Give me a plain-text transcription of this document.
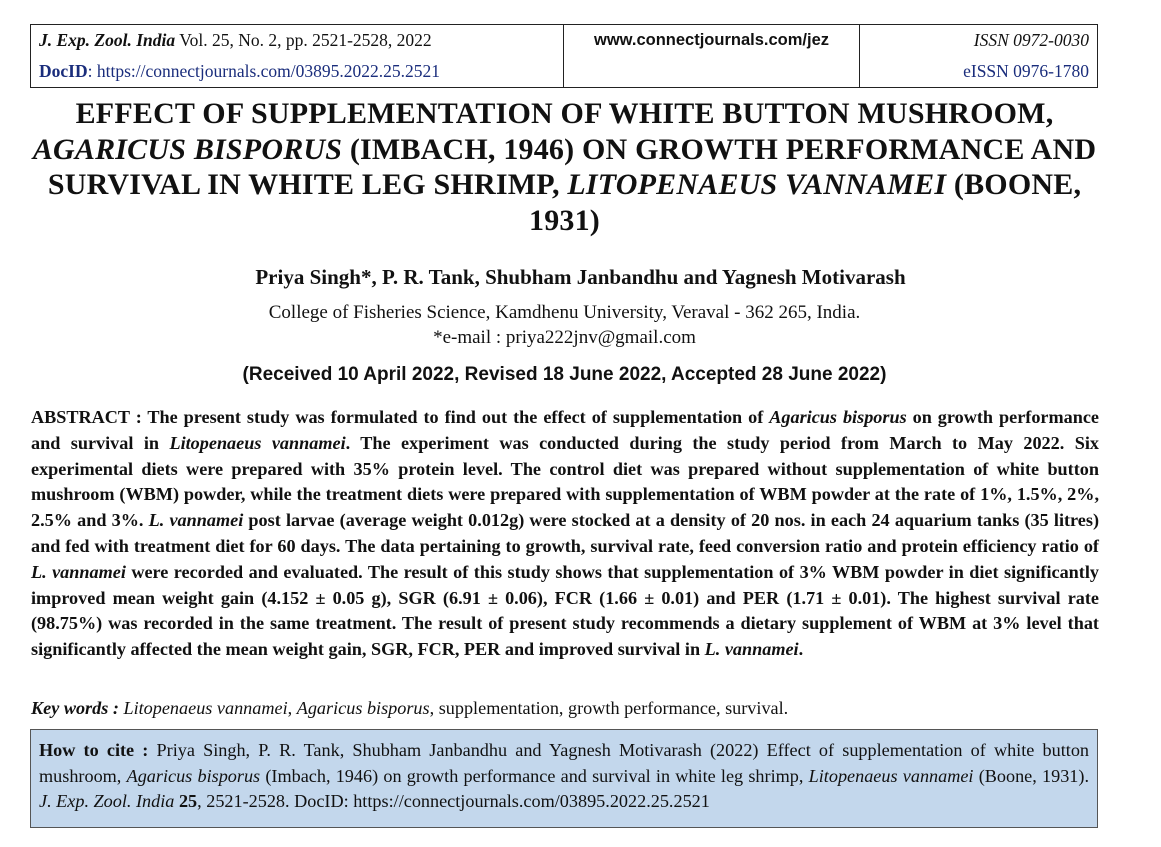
J. Exp. Zool. India Vol. 25, No. 2, pp. 2521-2528, 2022
DocID: https://connectjournals.com/03895.2022.25.2521
www.connectjournals.com/jez	ISSN 0972-0030
eISSN 0976-1780
EFFECT OF SUPPLEMENTATION OF WHITE BUTTON MUSHROOM,
AGARICUS BISPORUS (IMBACH, 1946) ON GROWTH PERFORMANCE AND SURVIVAL IN WHITE LEG SHRIMP, LITOPENAEUS VANNAMEI (BOONE, 1931)
Priya Singh*, P. R. Tank, Shubham Janbandhu and Yagnesh Motivarash
College of Fisheries Science, Kamdhenu University, Veraval - 362 265, India.
*e-mail : priya222jnv@gmail.com
(Received 10 April 2022, Revised 18 June 2022, Accepted 28 June 2022)
ABSTRACT : The present study was formulated to find out the effect of supplementation of Agaricus bisporus on growth performance and survival in Litopenaeus vannamei. The experiment was conducted during the study period from March to May 2022. Six experimental diets were prepared with 35% protein level. The control diet was prepared without supplementation of white button mushroom (WBM) powder, while the treatment diets were prepared with supplementation of WBM powder at the rate of 1%, 1.5%, 2%, 2.5% and 3%. L. vannamei post larvae (average weight 0.012g) were stocked at a density of 20 nos. in each 24 aquarium tanks (35 litres) and fed with treatment diet for 60 days. The data pertaining to growth, survival rate, feed conversion ratio and protein efficiency ratio of L. vannamei were recorded and evaluated. The result of this study shows that supplementation of 3% WBM powder in diet significantly improved mean weight gain (4.152 ± 0.05 g), SGR (6.91 ± 0.06), FCR (1.66 ± 0.01) and PER (1.71 ± 0.01). The highest survival rate (98.75%) was recorded in the same treatment. The result of present study recommends a dietary supplement of WBM at 3% level that significantly affected the mean weight gain, SGR, FCR, PER and improved survival in L. vannamei.
Key words : Litopenaeus vannamei, Agaricus bisporus, supplementation, growth performance, survival.
How to cite : Priya Singh, P. R. Tank, Shubham Janbandhu and Yagnesh Motivarash (2022) Effect of supplementation of white button mushroom, Agaricus bisporus (Imbach, 1946) on growth performance and survival in white leg shrimp, Litopenaeus vannamei (Boone, 1931). J. Exp. Zool. India 25, 2521-2528. DocID: https://connectjournals.com/03895.2022.25.2521
